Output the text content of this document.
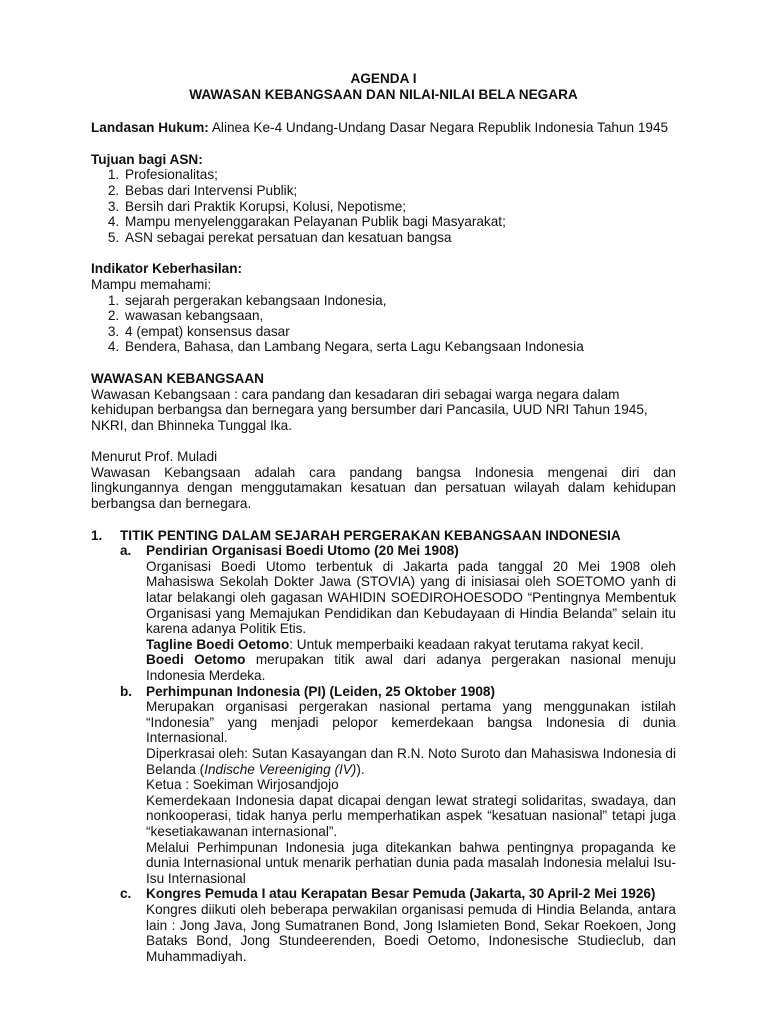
AGENDA I

WAWASAN KEBANGSAAN DAN NILAI-NILAI BELA NEGARA

Landasan Hukum: Alinea Ke-4 Undang-Undang Dasar Negara Republik Indonesia Tahun 1945

Tujuan bagi ASN:

1. Profesionalitas;
2. Bebas dari Intervensi Publik;
3. Bersih dari Praktik Korupsi, Kolusi, Nepotisme;
4. Mampu menyelenggarakan Pelayanan Publik bagi Masyarakat;
5. ASN sebagai perekat persatuan dan kesatuan bangsa

Indikator Keberhasilan:

Mampu memahami:

1. sejarah pergerakan kebangsaan Indonesia,
2. wawasan kebangsaan,
3. 4 (empat) konsensus dasar
4. Bendera, Bahasa, dan Lambang Negara, serta Lagu Kebangsaan Indonesia

WAWASAN KEBANGSAAN

Wawasan Kebangsaan : cara pandang dan kesadaran diri sebagai warga negara dalam kehidupan berbangsa dan bernegara yang bersumber dari Pancasila, UUD NRI Tahun 1945, NKRI, dan Bhinneka Tunggal Ika.

Menurut Prof. Muladi

Wawasan Kebangsaan adalah cara pandang bangsa Indonesia mengenai diri dan lingkungannya dengan menggutamakan kesatuan dan persatuan wilayah dalam kehidupan berbangsa dan bernegara.

1.	TITIK PENTING DALAM SEJARAH PERGERAKAN KEBANGSAAN INDONESIA
a.	Pendirian Organisasi Boedi Utomo (20 Mei 1908)

Organisasi Boedi Utomo terbentuk di Jakarta pada tanggal 20 Mei 1908 oleh Mahasiswa Sekolah Dokter Jawa (STOVIA) yang di inisiasai oleh SOETOMO yanh di latar belakangi oleh gagasan WAHIDIN SOEDIROHOESODO “Pentingnya Membentuk Organisasi yang Memajukan Pendidikan dan Kebudayaan di Hindia Belanda” selain itu karena adanya Politik Etis.

Tagline Boedi Oetomo: Untuk memperbaiki keadaan rakyat terutama rakyat kecil.

Boedi Oetomo merupakan titik awal dari adanya pergerakan nasional menuju Indonesia Merdeka.

b.	Perhimpunan Indonesia (PI) (Leiden, 25 Oktober 1908)

Merupakan organisasi pergerakan nasional pertama yang menggunakan istilah “Indonesia” yang menjadi pelopor kemerdekaan bangsa Indonesia di dunia Internasional.

Diperkrasai oleh: Sutan Kasayangan dan R.N. Noto Suroto dan Mahasiswa Indonesia di Belanda (Indische Vereeniging (IV)).

Ketua : Soekiman Wirjosandjojo

Kemerdekaan Indonesia dapat dicapai dengan lewat strategi solidaritas, swadaya, dan nonkooperasi, tidak hanya perlu memperhatikan aspek “kesatuan nasional” tetapi juga “kesetiakawanan internasional”.

Melalui Perhimpunan Indonesia juga ditekankan bahwa pentingnya propaganda ke dunia Internasional untuk menarik perhatian dunia pada masalah Indonesia melalui Isu-Isu Internasional

c.	Kongres Pemuda I atau Kerapatan Besar Pemuda (Jakarta, 30 April-2 Mei 1926)

Kongres diikuti oleh beberapa perwakilan organisasi pemuda di Hindia Belanda, antara lain : Jong Java, Jong Sumatranen Bond, Jong Islamieten Bond, Sekar Roekoen, Jong Bataks Bond, Jong Stundeerenden, Boedi Oetomo, Indonesische Studieclub, dan Muhammadiyah.
